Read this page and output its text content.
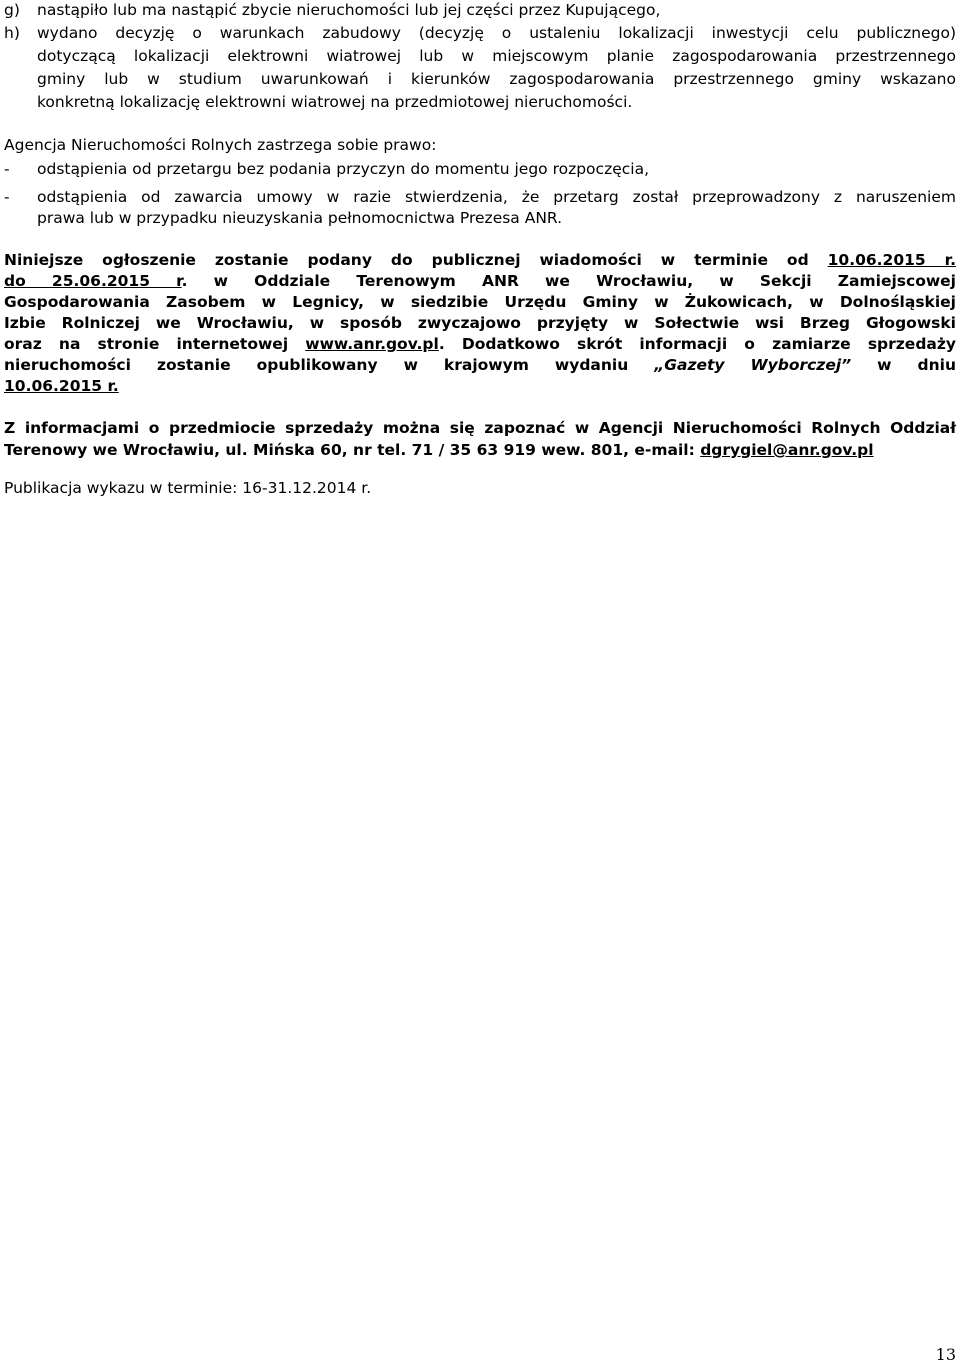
g) nastąpiło lub ma nastąpić zbycie nieruchomości lub jej części przez Kupującego,
h) wydano decyzję o warunkach zabudowy (decyzję o ustaleniu lokalizacji inwestycji celu publicznego)
dotyczącą lokalizacji elektrowni wiatrowej lub w miejscowym planie zagospodarowania przestrzennego
gminy lub w studium uwarunkowań i kierunków zagospodarowania przestrzennego gminy wskazano
konkretną lokalizację elektrowni wiatrowej na przedmiotowej nieruchomości.
Agencja Nieruchomości Rolnych zastrzega sobie prawo:
- odstąpienia od przetargu bez podania przyczyn do momentu jego rozpoczęcia,
- odstąpienia od zawarcia umowy w razie stwierdzenia, że przetarg został przeprowadzony z naruszeniem
prawa lub w przypadku nieuzyskania pełnomocnictwa Prezesa ANR.
Niniejsze ogłoszenie zostanie podany do publicznej wiadomości w terminie od 10.06.2015 r.
do 25.06.2015 r. w Oddziale Terenowym ANR we Wrocławiu, w Sekcji Zamiejscowej
Gospodarowania Zasobem w Legnicy, w siedzibie Urzędu Gminy w Żukowicach, w Dolnośląskiej
Izbie Rolniczej we Wrocławiu, w sposób zwyczajowo przyjęty w Sołectwie wsi Brzeg Głogowski
oraz na stronie internetowej www.anr.gov.pl. Dodatkowo skrót informacji o zamiarze sprzedaży
nieruchomości zostanie opublikowany w krajowym wydaniu „Gazety Wyborczej” w dniu
10.06.2015 r.
Z informacjami o przedmiocie sprzedaży można się zapoznać w Agencji Nieruchomości Rolnych Oddział
Terenowy we Wrocławiu, ul. Mińska 60, nr tel. 71 / 35 63 919 wew. 801, e-mail: dgrygiel@anr.gov.pl
Publikacja wykazu w terminie: 16-31.12.2014 r.
13
